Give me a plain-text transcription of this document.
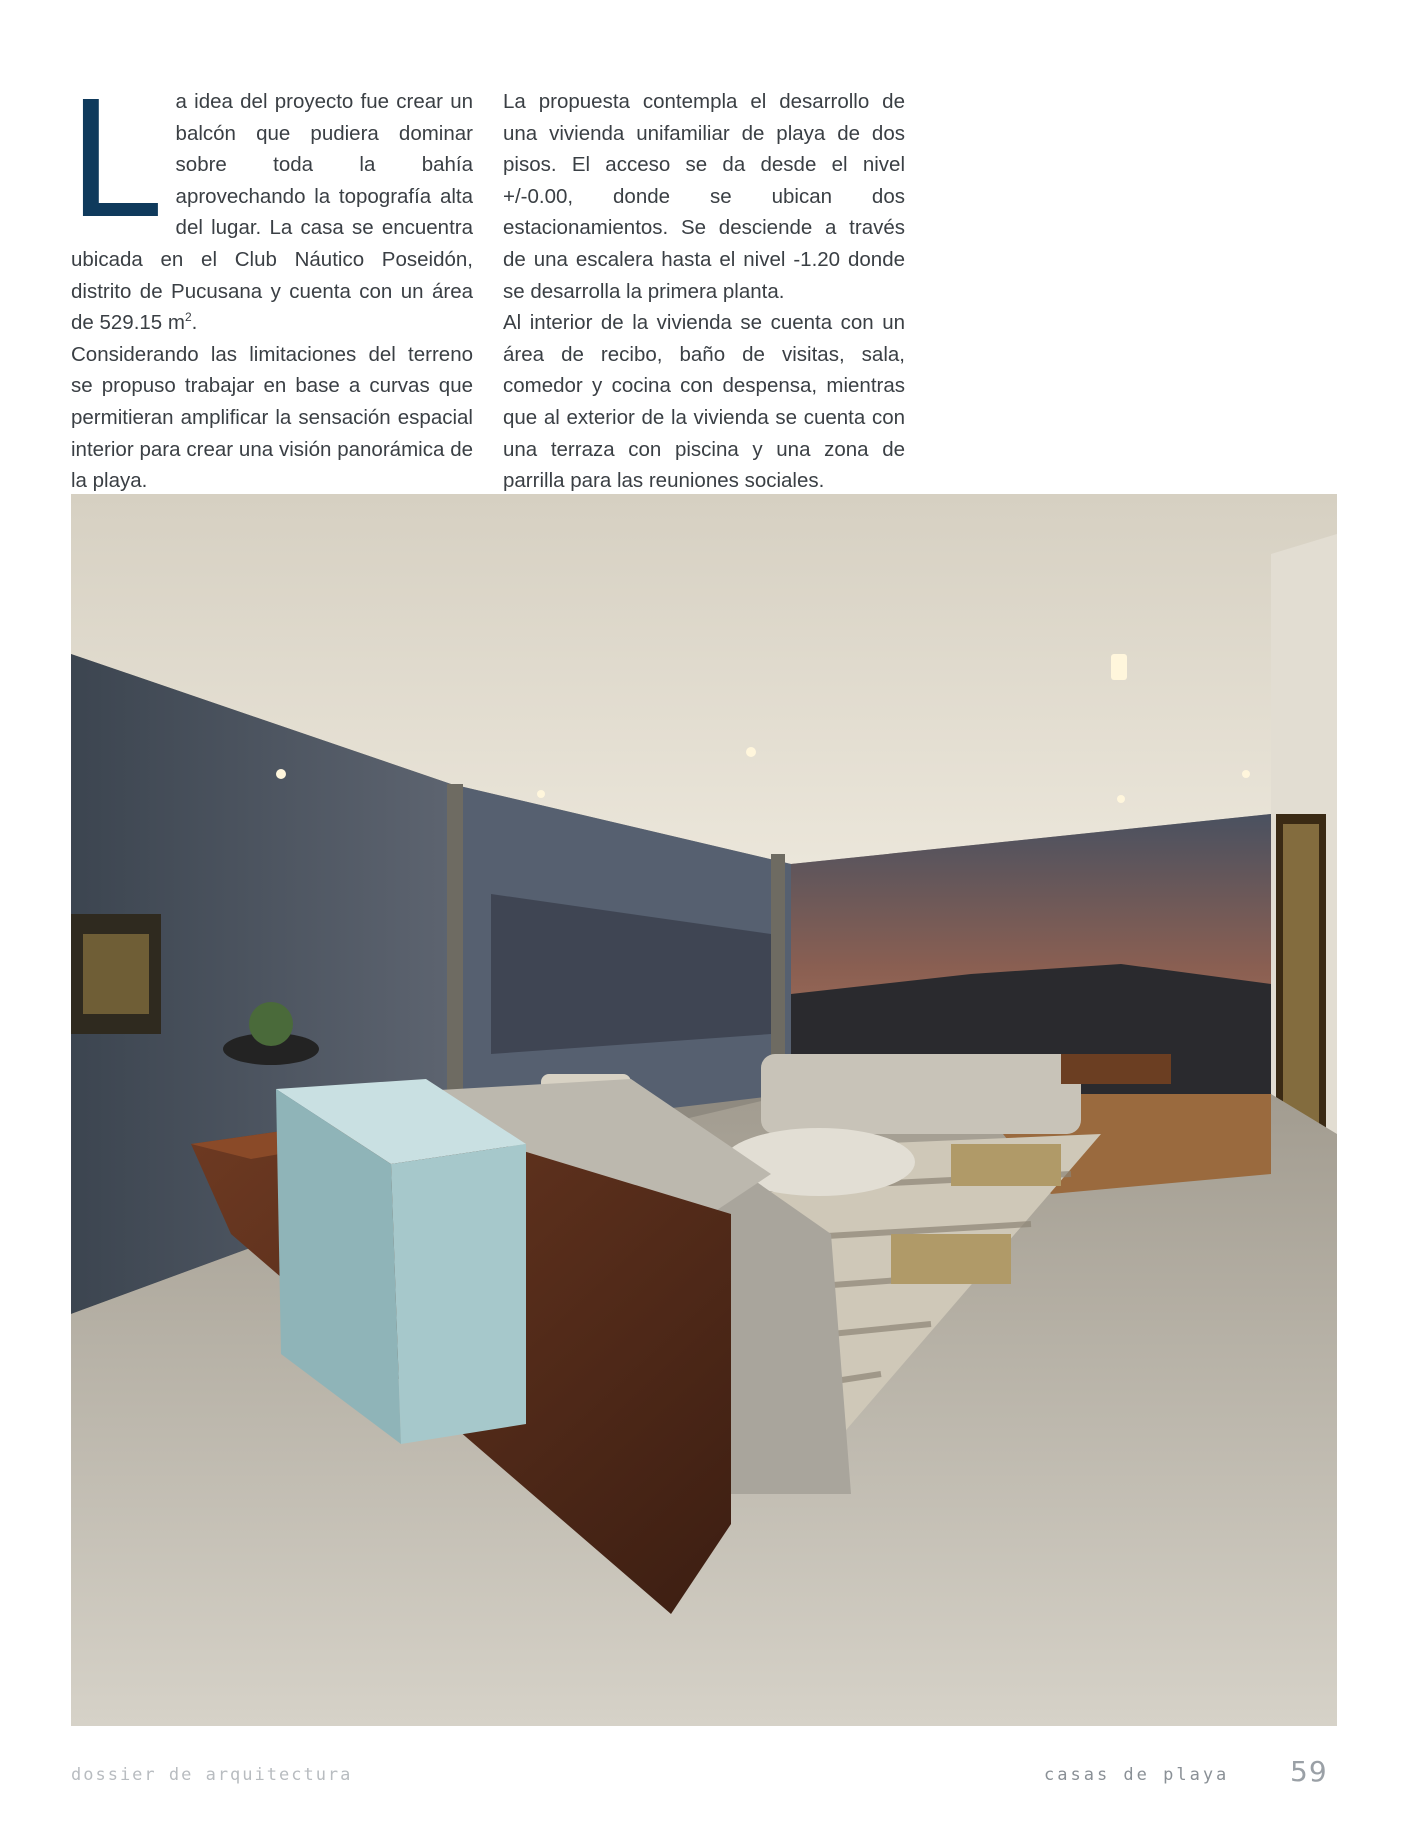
L a idea del proyecto fue crear un balcón que pudiera dominar sobre toda la bahía aprovechando la topografía alta del lugar. La casa se encuentra ubicada en el Club Náutico Poseidón, distrito de Pucusana y cuenta con un área de 529.15 $m^2$.

Considerando las limitaciones del terreno se propuso trabajar en base a curvas que permitieran amplificar la sensación espacial interior para crear una visión panorámica de la playa.

La propuesta contempla el desarrollo de una vivienda unifamiliar de playa de dos pisos. El acceso se da desde el nivel +/-0.00, donde se ubican dos estacionamientos. Se desciende a través de una escalera hasta el nivel -1.20 donde se desarrolla la primera planta.

Al interior de la vivienda se cuenta con un área de recibo, baño de visitas, sala, comedor y cocina con despensa, mientras que al exterior de la vivienda se cuenta con una terraza con piscina y una zona de parrilla para las reuniones sociales.

dossier de arquitectura	casas de playa 59
